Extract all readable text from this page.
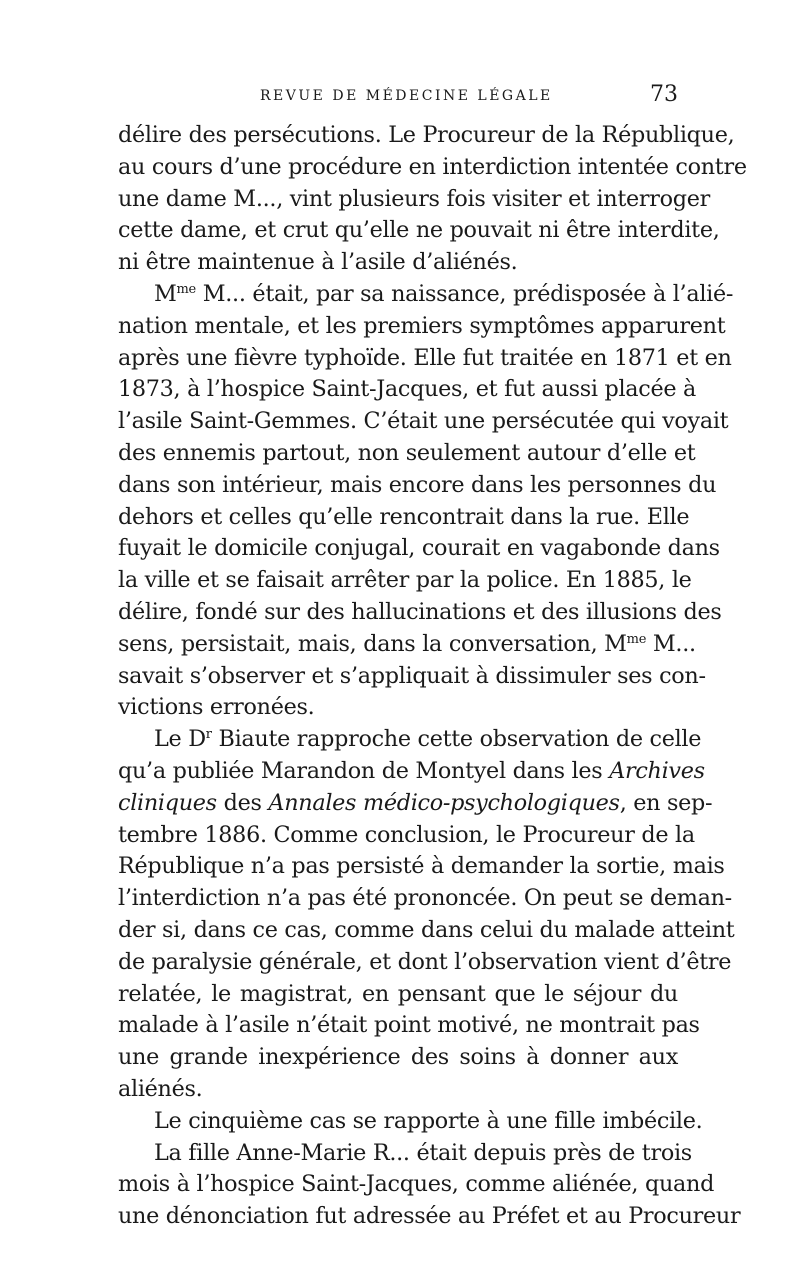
REVUE DE MÉDECINE LÉGALE	73
délire des persécutions. Le Procureur de la République,
au cours d’une procédure en interdiction intentée contre
une dame M..., vint plusieurs fois visiter et interroger
cette dame, et crut qu’elle ne pouvait ni être interdite,
ni être maintenue à l’asile d’aliénés.
$M^{me}$ M... était, par sa naissance, prédisposée à l’alié-
nation mentale, et les premiers symptômes apparurent
après une fièvre typhoïde. Elle fut traitée en 1871 et en
1873, à l’hospice Saint-Jacques, et fut aussi placée à
l’asile Saint-Gemmes. C’était une persécutée qui voyait
des ennemis partout, non seulement autour d’elle et
dans son intérieur, mais encore dans les personnes du
dehors et celles qu’elle rencontrait dans la rue. Elle
fuyait le domicile conjugal, courait en vagabonde dans
la ville et se faisait arrêter par la police. En 1885, le
délire, fondé sur des hallucinations et des illusions des
sens, persistait, mais, dans la conversation, $M^{me}$ M...
savait s’observer et s’appliquait à dissimuler ses con-
victions erronées.
Le $D^r$ Biaute rapproche cette observation de celle
qu’a publiée Marandon de Montyel dans les Archives
cliniques des Annales médico-psychologiques, en sep-
tembre 1886. Comme conclusion, le Procureur de la
République n’a pas persisté à demander la sortie, mais
l’interdiction n’a pas été prononcée. On peut se deman-
der si, dans ce cas, comme dans celui du malade atteint
de paralysie générale, et dont l’observation vient d’être
relatée, le magistrat, en pensant que le séjour du
malade à l’asile n’était point motivé, ne montrait pas
une grande inexpérience des soins à donner aux
aliénés.
Le cinquième cas se rapporte à une fille imbécile.
La fille Anne-Marie R... était depuis près de trois
mois à l’hospice Saint-Jacques, comme aliénée, quand
une dénonciation fut adressée au Préfet et au Procureur
